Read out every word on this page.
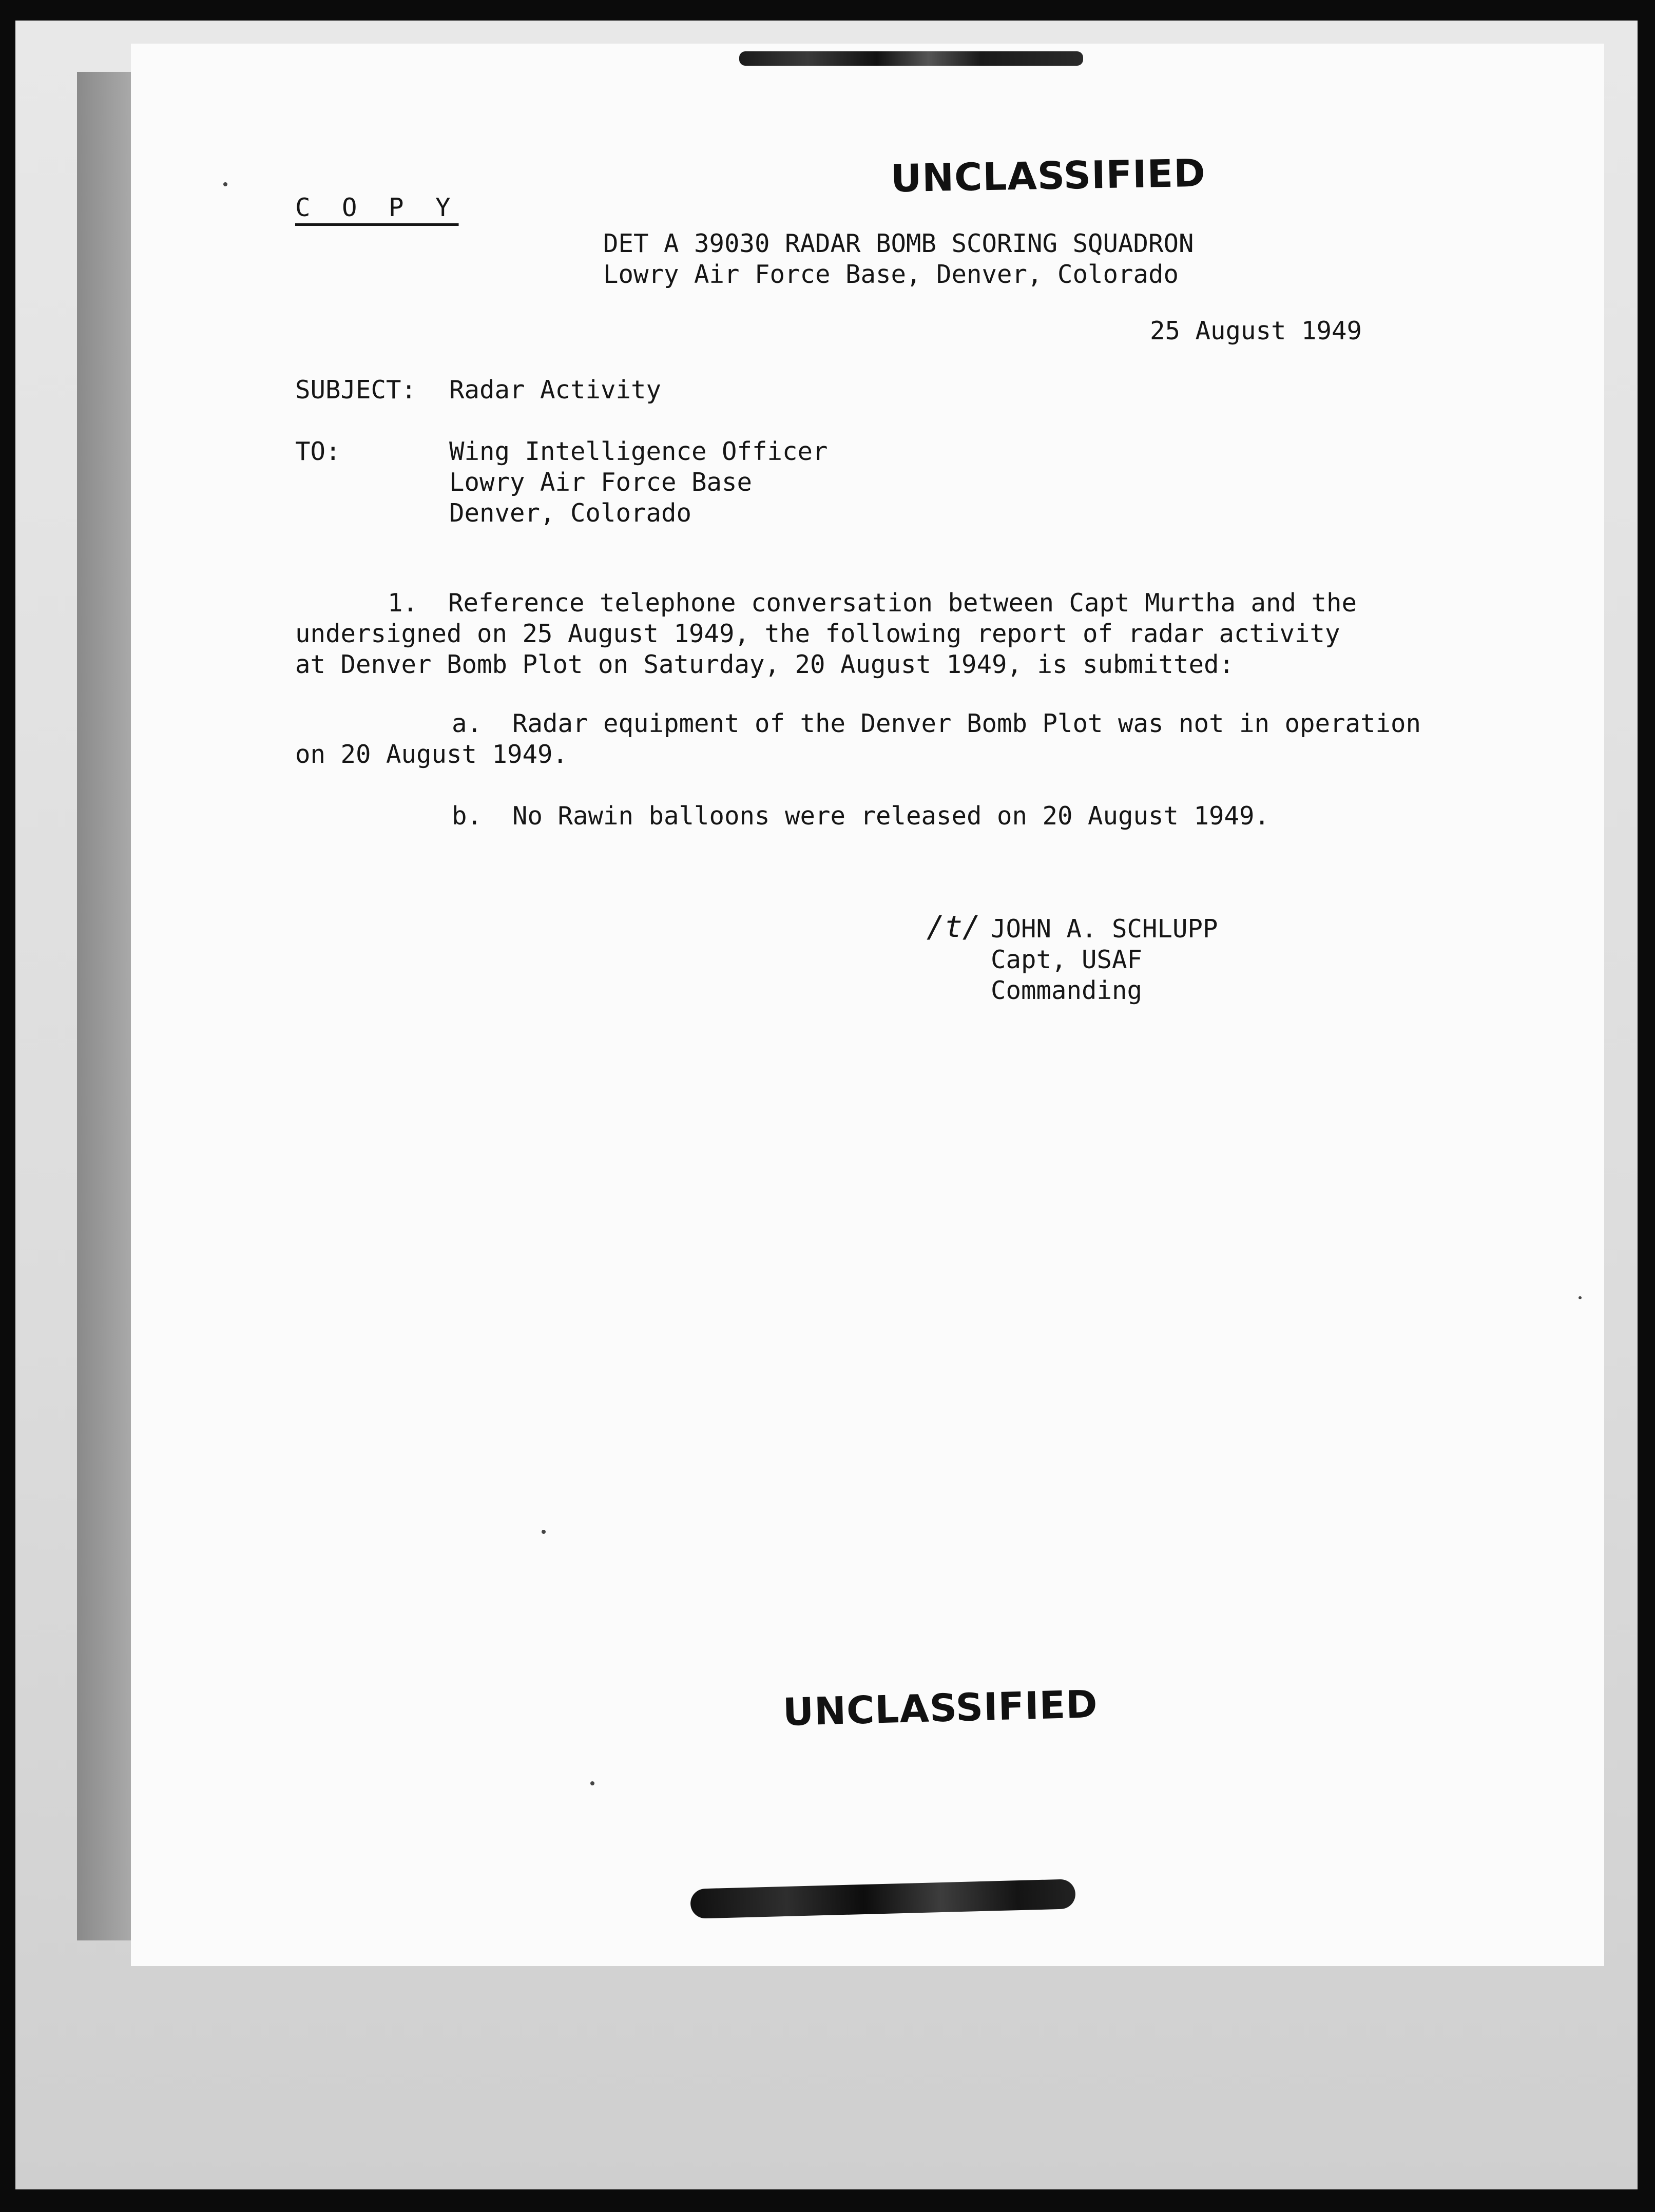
C O P Y

UNCLASSIFIED

DET A 39030 RADAR BOMB SCORING SQUADRON

Lowry Air Force Base, Denver, Colorado

25 August 1949

SUBJECT: Radar Activity

TO:	Wing Intelligence Officer

Lowry Air Force Base

Denver, Colorado

1.  Reference telephone conversation between Capt Murtha and the

undersigned on 25 August 1949, the following report of radar activity

at Denver Bomb Plot on Saturday, 20 August 1949, is submitted:

a.  Radar equipment of the Denver Bomb Plot was not in operation

on 20 August 1949.

b.  No Rawin balloons were released on 20 August 1949.

/t/ JOHN A. SCHLUPP

Capt, USAF

Commanding

UNCLASSIFIED
